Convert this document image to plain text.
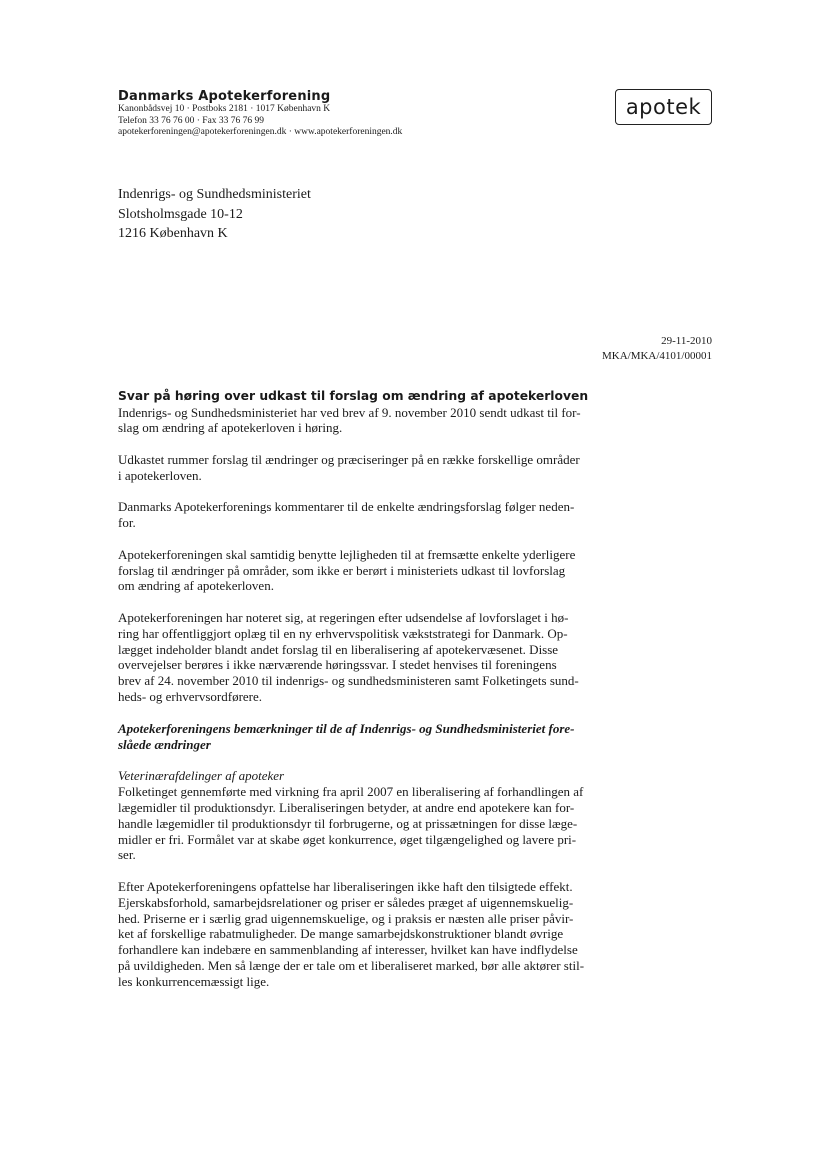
Danmarks Apotekerforening
Kanonbådsvej 10 · Postboks 2181 · 1017 København K
Telefon 33 76 76 00 · Fax 33 76 76 99
apotekerforeningen@apotekerforeningen.dk · www.apotekerforeningen.dk
apotek
Indenrigs- og Sundhedsministeriet
Slotsholmsgade 10-12
1216 København K
29-11-2010
MKA/MKA/4101/00001
Svar på høring over udkast til forslag om ændring af apotekerloven
Indenrigs- og Sundhedsministeriet har ved brev af 9. november 2010 sendt udkast til for-
slag om ændring af apotekerloven i høring.
Udkastet rummer forslag til ændringer og præciseringer på en række forskellige områder
i apotekerloven.
Danmarks Apotekerforenings kommentarer til de enkelte ændringsforslag følger neden-
for.
Apotekerforeningen skal samtidig benytte lejligheden til at fremsætte enkelte yderligere
forslag til ændringer på områder, som ikke er berørt i ministeriets udkast til lovforslag
om ændring af apotekerloven.
Apotekerforeningen har noteret sig, at regeringen efter udsendelse af lovforslaget i hø-
ring har offentliggjort oplæg til en ny erhvervspolitisk vækststrategi for Danmark. Op-
lægget indeholder blandt andet forslag til en liberalisering af apotekervæsenet. Disse
overvejelser berøres i ikke nærværende høringssvar. I stedet henvises til foreningens
brev af 24. november 2010 til indenrigs- og sundhedsministeren samt Folketingets sund-
heds- og erhvervsordførere.
Apotekerforeningens bemærkninger til de af Indenrigs- og Sundhedsministeriet fore-
slåede ændringer
Veterinærafdelinger af apoteker
Folketinget gennemførte med virkning fra april 2007 en liberalisering af forhandlingen af
lægemidler til produktionsdyr. Liberaliseringen betyder, at andre end apotekere kan for-
handle lægemidler til produktionsdyr til forbrugerne, og at prissætningen for disse læge-
midler er fri. Formålet var at skabe øget konkurrence, øget tilgængelighed og lavere pri-
ser.
Efter Apotekerforeningens opfattelse har liberaliseringen ikke haft den tilsigtede effekt.
Ejerskabsforhold, samarbejdsrelationer og priser er således præget af uigennemskuelig-
hed. Priserne er i særlig grad uigennemskuelige, og i praksis er næsten alle priser påvir-
ket af forskellige rabatmuligheder. De mange samarbejdskonstruktioner blandt øvrige
forhandlere kan indebære en sammenblanding af interesser, hvilket kan have indflydelse
på uvildigheden. Men så længe der er tale om et liberaliseret marked, bør alle aktører stil-
les konkurrencemæssigt lige.
